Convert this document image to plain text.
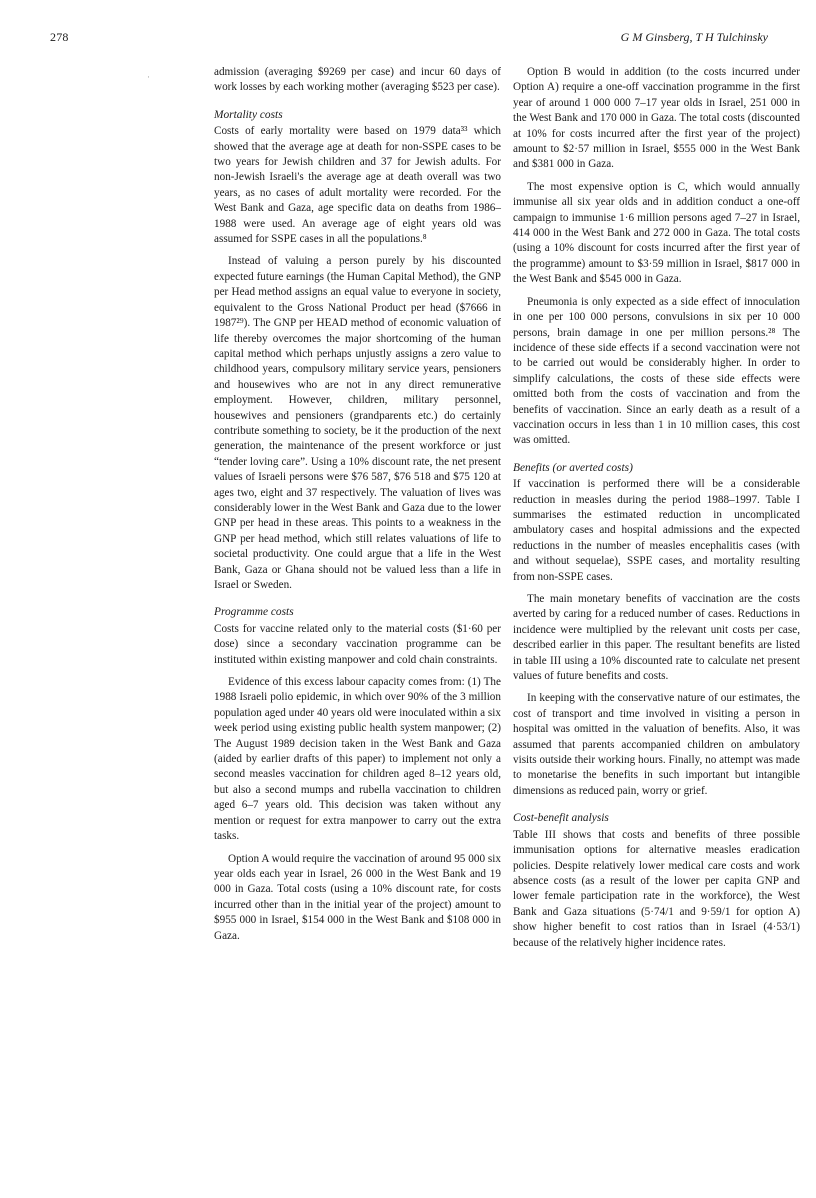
278	G M Ginsberg, T H Tulchinsky
·	admission (averaging $9269 per case) and incur 60 days of work losses by each working mother (averaging $523 per case).

Mortality costs

Costs of early mortality were based on 1979 data³³ which showed that the average age at death for non-SSPE cases to be two years for Jewish children and 37 for Jewish adults. For non-Jewish Israeli's the average age at death overall was two years, as no cases of adult mortality were recorded. For the West Bank and Gaza, age specific data on deaths from 1986–1988 were used. An average age of eight years old was assumed for SSPE cases in all the populations.⁸

Instead of valuing a person purely by his discounted expected future earnings (the Human Capital Method), the GNP per Head method assigns an equal value to everyone in society, equivalent to the Gross National Product per head ($7666 in 1987²⁹). The GNP per HEAD method of economic valuation of life thereby overcomes the major shortcoming of the human capital method which perhaps unjustly assigns a zero value to childhood years, compulsory military service years, pensioners and housewives who are not in any direct remunerative employment. However, children, military personnel, housewives and pensioners (grandparents etc.) do certainly contribute something to society, be it the production of the next generation, the maintenance of the present workforce or just “tender loving care”. Using a 10% discount rate, the net present values of Israeli persons were $76 587, $76 518 and $75 120 at ages two, eight and 37 respectively. The valuation of lives was considerably lower in the West Bank and Gaza due to the lower GNP per head in these areas. This points to a weakness in the GNP per head method, which still relates valuations of life to societal productivity. One could argue that a life in the West Bank, Gaza or Ghana should not be valued less than a life in Israel or Sweden.

Programme costs

Costs for vaccine related only to the material costs ($1·60 per dose) since a secondary vaccination programme can be instituted within existing manpower and cold chain constraints.

Evidence of this excess labour capacity comes from: (1) The 1988 Israeli polio epidemic, in which over 90% of the 3 million population aged under 40 years old were inoculated within a six week period using existing public health system manpower; (2) The August 1989 decision taken in the West Bank and Gaza (aided by earlier drafts of this paper) to implement not only a second measles vaccination for children aged 8–12 years old, but also a second mumps and rubella vaccination to children aged 6–7 years old. This decision was taken without any mention or request for extra manpower to carry out the extra tasks.

Option A would require the vaccination of around 95 000 six year olds each year in Israel, 26 000 in the West Bank and 19 000 in Gaza. Total costs (using a 10% discount rate, for costs incurred other than in the initial year of the project) amount to $955 000 in Israel, $154 000 in the West Bank and $108 000 in Gaza.

Option B would in addition (to the costs incurred under Option A) require a one-off vaccination programme in the first year of around 1 000 000 7–17 year olds in Israel, 251 000 in the West Bank and 170 000 in Gaza. The total costs (discounted at 10% for costs incurred after the first year of the project) amount to $2·57 million in Israel, $555 000 in the West Bank and $381 000 in Gaza.

The most expensive option is C, which would annually immunise all six year olds and in addition conduct a one-off campaign to immunise 1·6 million persons aged 7–27 in Israel, 414 000 in the West Bank and 272 000 in Gaza. The total costs (using a 10% discount for costs incurred after the first year of the programme) amount to $3·59 million in Israel, $817 000 in the West Bank and $545 000 in Gaza.

Pneumonia is only expected as a side effect of innoculation in one per 100 000 persons, convulsions in six per 10 000 persons, brain damage in one per million persons.²⁸ The incidence of these side effects if a second vaccination were not to be carried out would be considerably higher. In order to simplify calculations, the costs of these side effects were omitted both from the costs of vaccination and from the benefits of vaccination. Since an early death as a result of a vaccination occurs in less than 1 in 10 million cases, this cost was omitted.

Benefits (or averted costs)

If vaccination is performed there will be a considerable reduction in measles during the period 1988–1997. Table I summarises the estimated reduction in uncomplicated ambulatory cases and hospital admissions and the expected reductions in the number of measles encephalitis cases (with and without sequelae), SSPE cases, and mortality resulting from non-SSPE cases.

The main monetary benefits of vaccination are the costs averted by caring for a reduced number of cases. Reductions in incidence were multiplied by the relevant unit costs per case, described earlier in this paper. The resultant benefits are listed in table III using a 10% discounted rate to calculate net present values of future benefits and costs.

In keeping with the conservative nature of our estimates, the cost of transport and time involved in visiting a person in hospital was omitted in the valuation of benefits. Also, it was assumed that parents accompanied children on ambulatory visits outside their working hours. Finally, no attempt was made to monetarise the benefits in such important but intangible dimensions as reduced pain, worry or grief.

Cost-benefit analysis

Table III shows that costs and benefits of three possible immunisation options for alternative measles eradication policies. Despite relatively lower medical care costs and work absence costs (as a result of the lower per capita GNP and lower female participation rate in the workforce), the West Bank and Gaza situations (5·74/1 and 9·59/1 for option A) show higher benefit to cost ratios than in Israel (4·53/1) because of the relatively higher incidence rates.
